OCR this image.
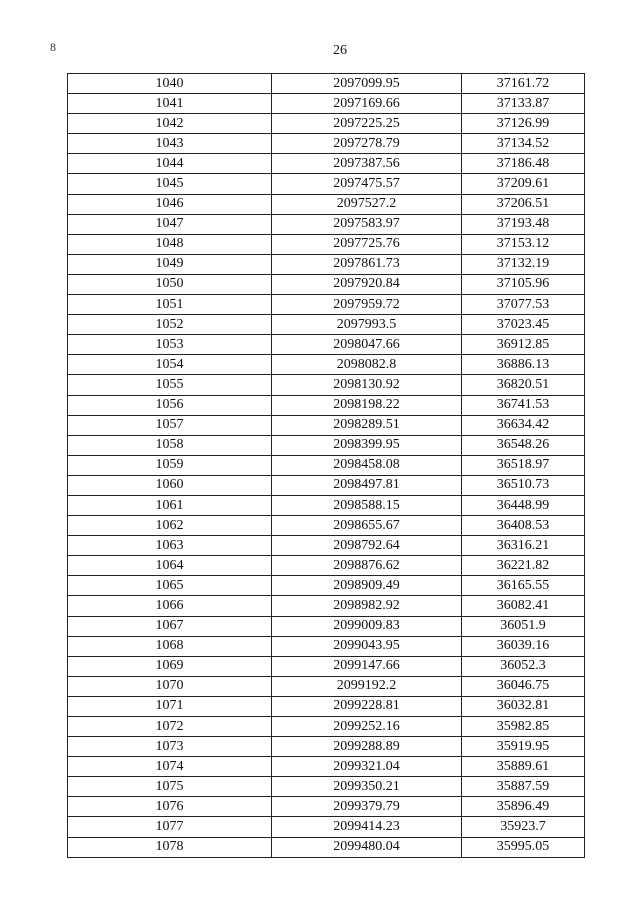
8	26
1040	2097099.95	37161.72
1041	2097169.66	37133.87
1042	2097225.25	37126.99
1043	2097278.79	37134.52
1044	2097387.56	37186.48
1045	2097475.57	37209.61
1046	2097527.2	37206.51
1047	2097583.97	37193.48
1048	2097725.76	37153.12
1049	2097861.73	37132.19
1050	2097920.84	37105.96
1051	2097959.72	37077.53
1052	2097993.5	37023.45
1053	2098047.66	36912.85
1054	2098082.8	36886.13
1055	2098130.92	36820.51
1056	2098198.22	36741.53
1057	2098289.51	36634.42
1058	2098399.95	36548.26
1059	2098458.08	36518.97
1060	2098497.81	36510.73
1061	2098588.15	36448.99
1062	2098655.67	36408.53
1063	2098792.64	36316.21
1064	2098876.62	36221.82
1065	2098909.49	36165.55
1066	2098982.92	36082.41
1067	2099009.83	36051.9
1068	2099043.95	36039.16
1069	2099147.66	36052.3
1070	2099192.2	36046.75
1071	2099228.81	36032.81
1072	2099252.16	35982.85
1073	2099288.89	35919.95
1074	2099321.04	35889.61
1075	2099350.21	35887.59
1076	2099379.79	35896.49
1077	2099414.23	35923.7
1078	2099480.04	35995.05
